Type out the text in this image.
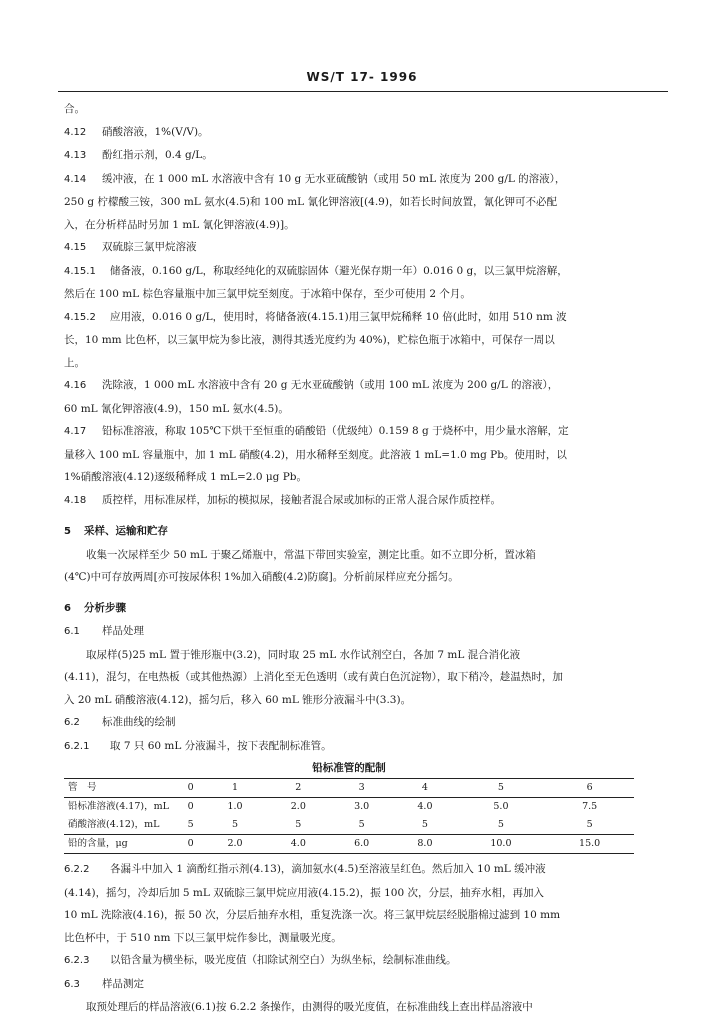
WS/T 17- 1996

合。

4.12 硝酸溶液，1%(V/V)。

4.13 酚红指示剂，0.4 g/L。

4.14 缓冲液，在 1 000 mL 水溶液中含有 10 g 无水亚硫酸钠（或用 50 mL 浓度为 200 g/L 的溶液），

250 g 柠檬酸三铵，300 mL 氨水(4.5)和 100 mL 氰化钾溶液[(4.9)，如若长时间放置，氰化钾可不必配

入，在分析样品时另加 1 mL 氰化钾溶液(4.9)]。

4.15 双硫腙三氯甲烷溶液

4.15.1 储备液，0.160 g/L，称取经纯化的双硫腙固体（避光保存期一年）0.016 0 g，以三氯甲烷溶解，

然后在 100 mL 棕色容量瓶中加三氯甲烷至刻度。于冰箱中保存，至少可使用 2 个月。

4.15.2 应用液，0.016 0 g/L，使用时，将储备液(4.15.1)用三氯甲烷稀释 10 倍(此时，如用 510 nm 波

长，10 mm 比色杯，以三氯甲烷为参比液，测得其透光度约为 40%)，贮棕色瓶于冰箱中，可保存一周以

上。

4.16 洗除液，1 000 mL 水溶液中含有 20 g 无水亚硫酸钠（或用 100 mL 浓度为 200 g/L 的溶液），

60 mL 氰化钾溶液(4.9)，150 mL 氨水(4.5)。

4.17 铅标准溶液，称取 105℃下烘干至恒重的硝酸铅（优级纯）0.159 8 g 于烧杯中，用少量水溶解，定

量移入 100 mL 容量瓶中，加 1 mL 硝酸(4.2)，用水稀释至刻度。此溶液 1 mL=1.0 mg Pb。使用时，以

1%硝酸溶液(4.12)逐级稀释成 1 mL=2.0 μg Pb。

4.18 质控样，用标准尿样，加标的模拟尿，接触者混合尿或加标的正常人混合尿作质控样。

5 采样、运输和贮存

收集一次尿样至少 50 mL 于聚乙烯瓶中，常温下带回实验室，测定比重。如不立即分析，置冰箱

(4℃)中可存放两周[亦可按尿体积 1%加入硝酸(4.2)防腐]。分析前尿样应充分摇匀。

6 分析步骤

6.1 样品处理

取尿样(5)25 mL 置于锥形瓶中(3.2)，同时取 25 mL 水作试剂空白，各加 7 mL 混合消化液

(4.11)，混匀，在电热板（或其他热源）上消化至无色透明（或有黄白色沉淀物），取下稍冷，趁温热时，加

入 20 mL 硝酸溶液(4.12)，摇匀后，移入 60 mL 锥形分液漏斗中(3.3)。

6.2 标准曲线的绘制

6.2.1 取 7 只 60 mL 分液漏斗，按下表配制标准管。

铅标准管的配制
管　号	0	1	2	3	4	5	6
铅标准溶液(4.17)，mL	0	1.0	2.0	3.0	4.0	5.0	7.5
硝酸溶液(4.12)，mL	5	5	5	5	5	5	5
铅的含量，μg	0	2.0	4.0	6.0	8.0	10.0	15.0

6.2.2 各漏斗中加入 1 滴酚红指示剂(4.13)，滴加氨水(4.5)至溶液呈红色。然后加入 10 mL 缓冲液

(4.14)，摇匀，冷却后加 5 mL 双硫腙三氯甲烷应用液(4.15.2)，振 100 次，分层，抽弃水相，再加入

10 mL 洗除液(4.16)，振 50 次，分层后抽弃水相，重复洗涤一次。将三氯甲烷层经脱脂棉过滤到 10 mm

比色杯中，于 510 nm 下以三氯甲烷作参比，测量吸光度。

6.2.3 以铅含量为横坐标，吸光度值（扣除试剂空白）为纵坐标，绘制标准曲线。

6.3 样品测定

取预处理后的样品溶液(6.1)按 6.2.2 条操作，由测得的吸光度值，在标准曲线上查出样品溶液中
